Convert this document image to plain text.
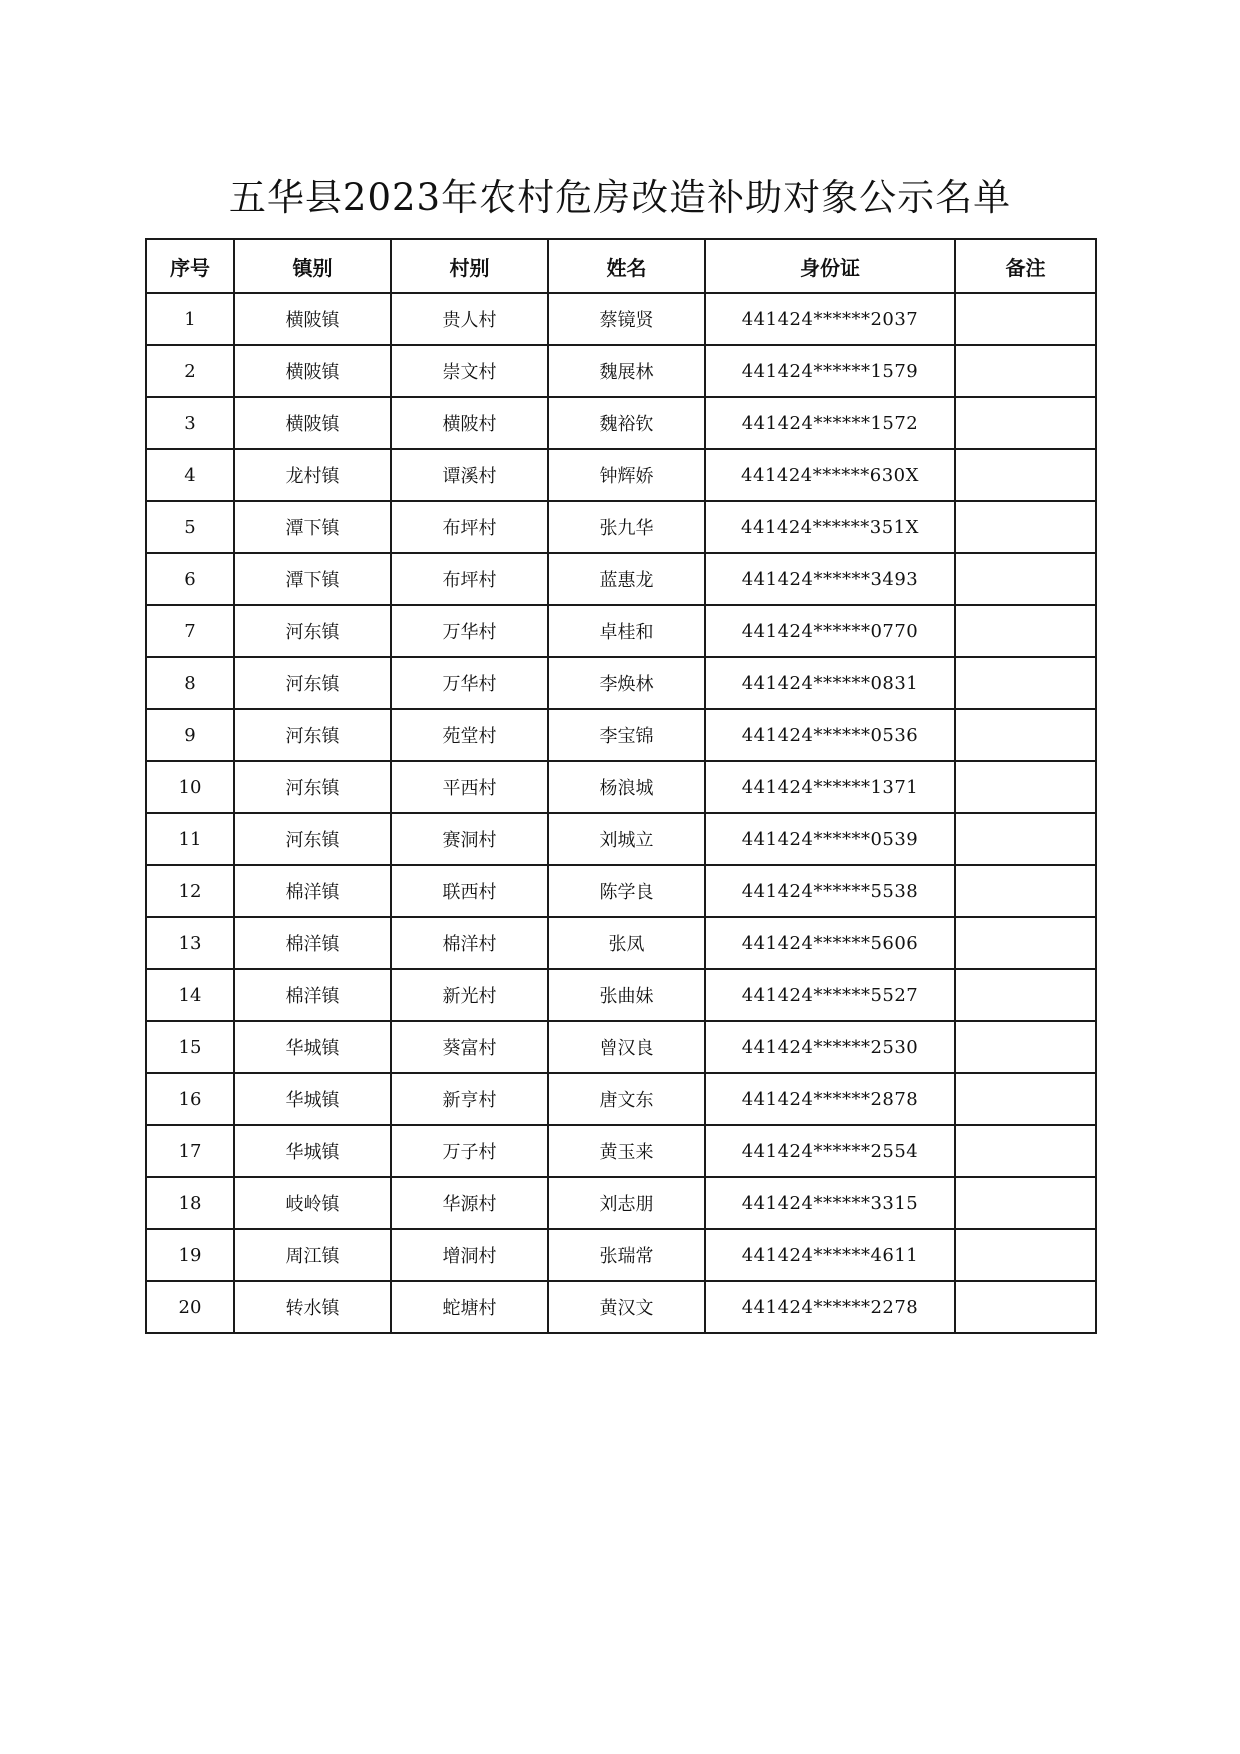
五华县2023年农村危房改造补助对象公示名单
序号	镇别	村别	姓名	身份证	备注
1	横陂镇	贵人村	蔡镜贤	441424******2037	
2	横陂镇	崇文村	魏展林	441424******1579	
3	横陂镇	横陂村	魏裕钦	441424******1572	
4	龙村镇	谭溪村	钟辉娇	441424******630X	
5	潭下镇	布坪村	张九华	441424******351X	
6	潭下镇	布坪村	蓝惠龙	441424******3493	
7	河东镇	万华村	卓桂和	441424******0770	
8	河东镇	万华村	李焕林	441424******0831	
9	河东镇	苑堂村	李宝锦	441424******0536	
10	河东镇	平西村	杨浪城	441424******1371	
11	河东镇	赛洞村	刘城立	441424******0539	
12	棉洋镇	联西村	陈学良	441424******5538	
13	棉洋镇	棉洋村	张凤	441424******5606	
14	棉洋镇	新光村	张曲妹	441424******5527	
15	华城镇	葵富村	曾汉良	441424******2530	
16	华城镇	新亨村	唐文东	441424******2878	
17	华城镇	万子村	黄玉来	441424******2554	
18	岐岭镇	华源村	刘志朋	441424******3315	
19	周江镇	增洞村	张瑞常	441424******4611	
20	转水镇	蛇塘村	黄汉文	441424******2278	
